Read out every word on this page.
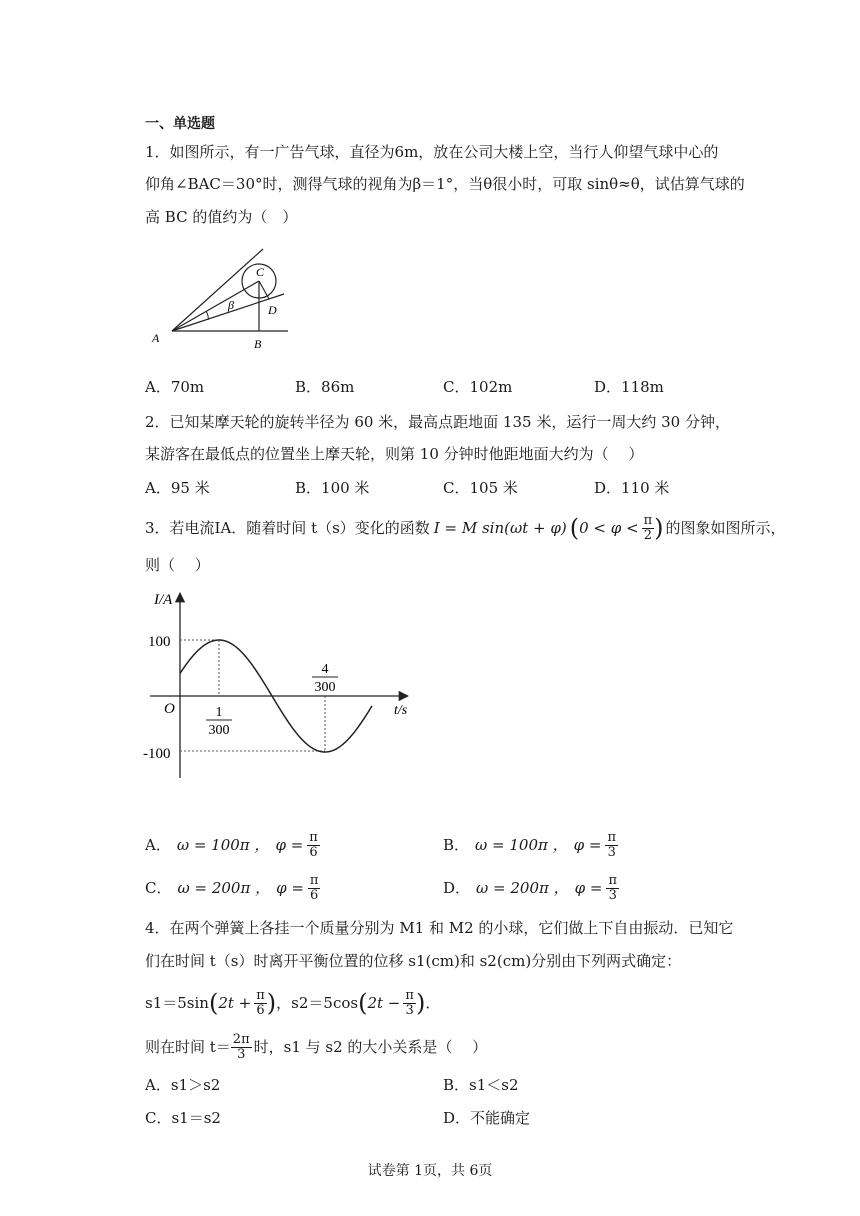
一、单选题
1．如图所示，有一广告气球，直径为6m，放在公司大楼上空，当行人仰望气球中心的
仰角∠BAC＝30°时，测得气球的视角为β＝1°，当θ很小时，可取 sinθ≈θ，试估算气球的
高 BC 的值约为（　）
C
D
A	B
β
A．70m	B．86m	C．102m	D．118m
2．已知某摩天轮的旋转半径为 60 米，最高点距地面 135 米，运行一周大约 30 分钟，
某游客在最低点的位置坐上摩天轮，则第 10 分钟时他距地面大约为（　 ）
A．95 米	B．100 米	C．105 米	D．110 米
3．若电流IA．随着时间 t（s）变化的函数 I = M sin(ωt + φ) ( $0 < \varphi < \frac{\pi}{2}$ ) 的图象如图所示，
则（　 ）
I/A
t/s
O
100
-100
1
300
4
300
A． ω = 100π ， $\varphi = \frac{\pi}{6}$	B． ω = 100π ， $\varphi = \frac{\pi}{3}$
C． ω = 200π ， $\varphi = \frac{\pi}{6}$	D． ω = 200π ， $\varphi = \frac{\pi}{3}$
4．在两个弹簧上各挂一个质量分别为 M1 和 M2 的小球，它们做上下自由振动．已知它
们在时间 t（s）时离开平衡位置的位移 s1(cm)和 s2(cm)分别由下列两式确定：
s1＝5sin ( $2t + \frac{\pi}{6}$ ) ，s2＝5cos ( $2t - \frac{\pi}{3}$ ) ．
则在时间 $t= \frac{2\pi}{3}$ 时，s1 与 s2 的大小关系是（　 ）
A．s1＞s2	B．s1＜s2
C．s1＝s2	D．不能确定
试卷第 1页，共 6页
